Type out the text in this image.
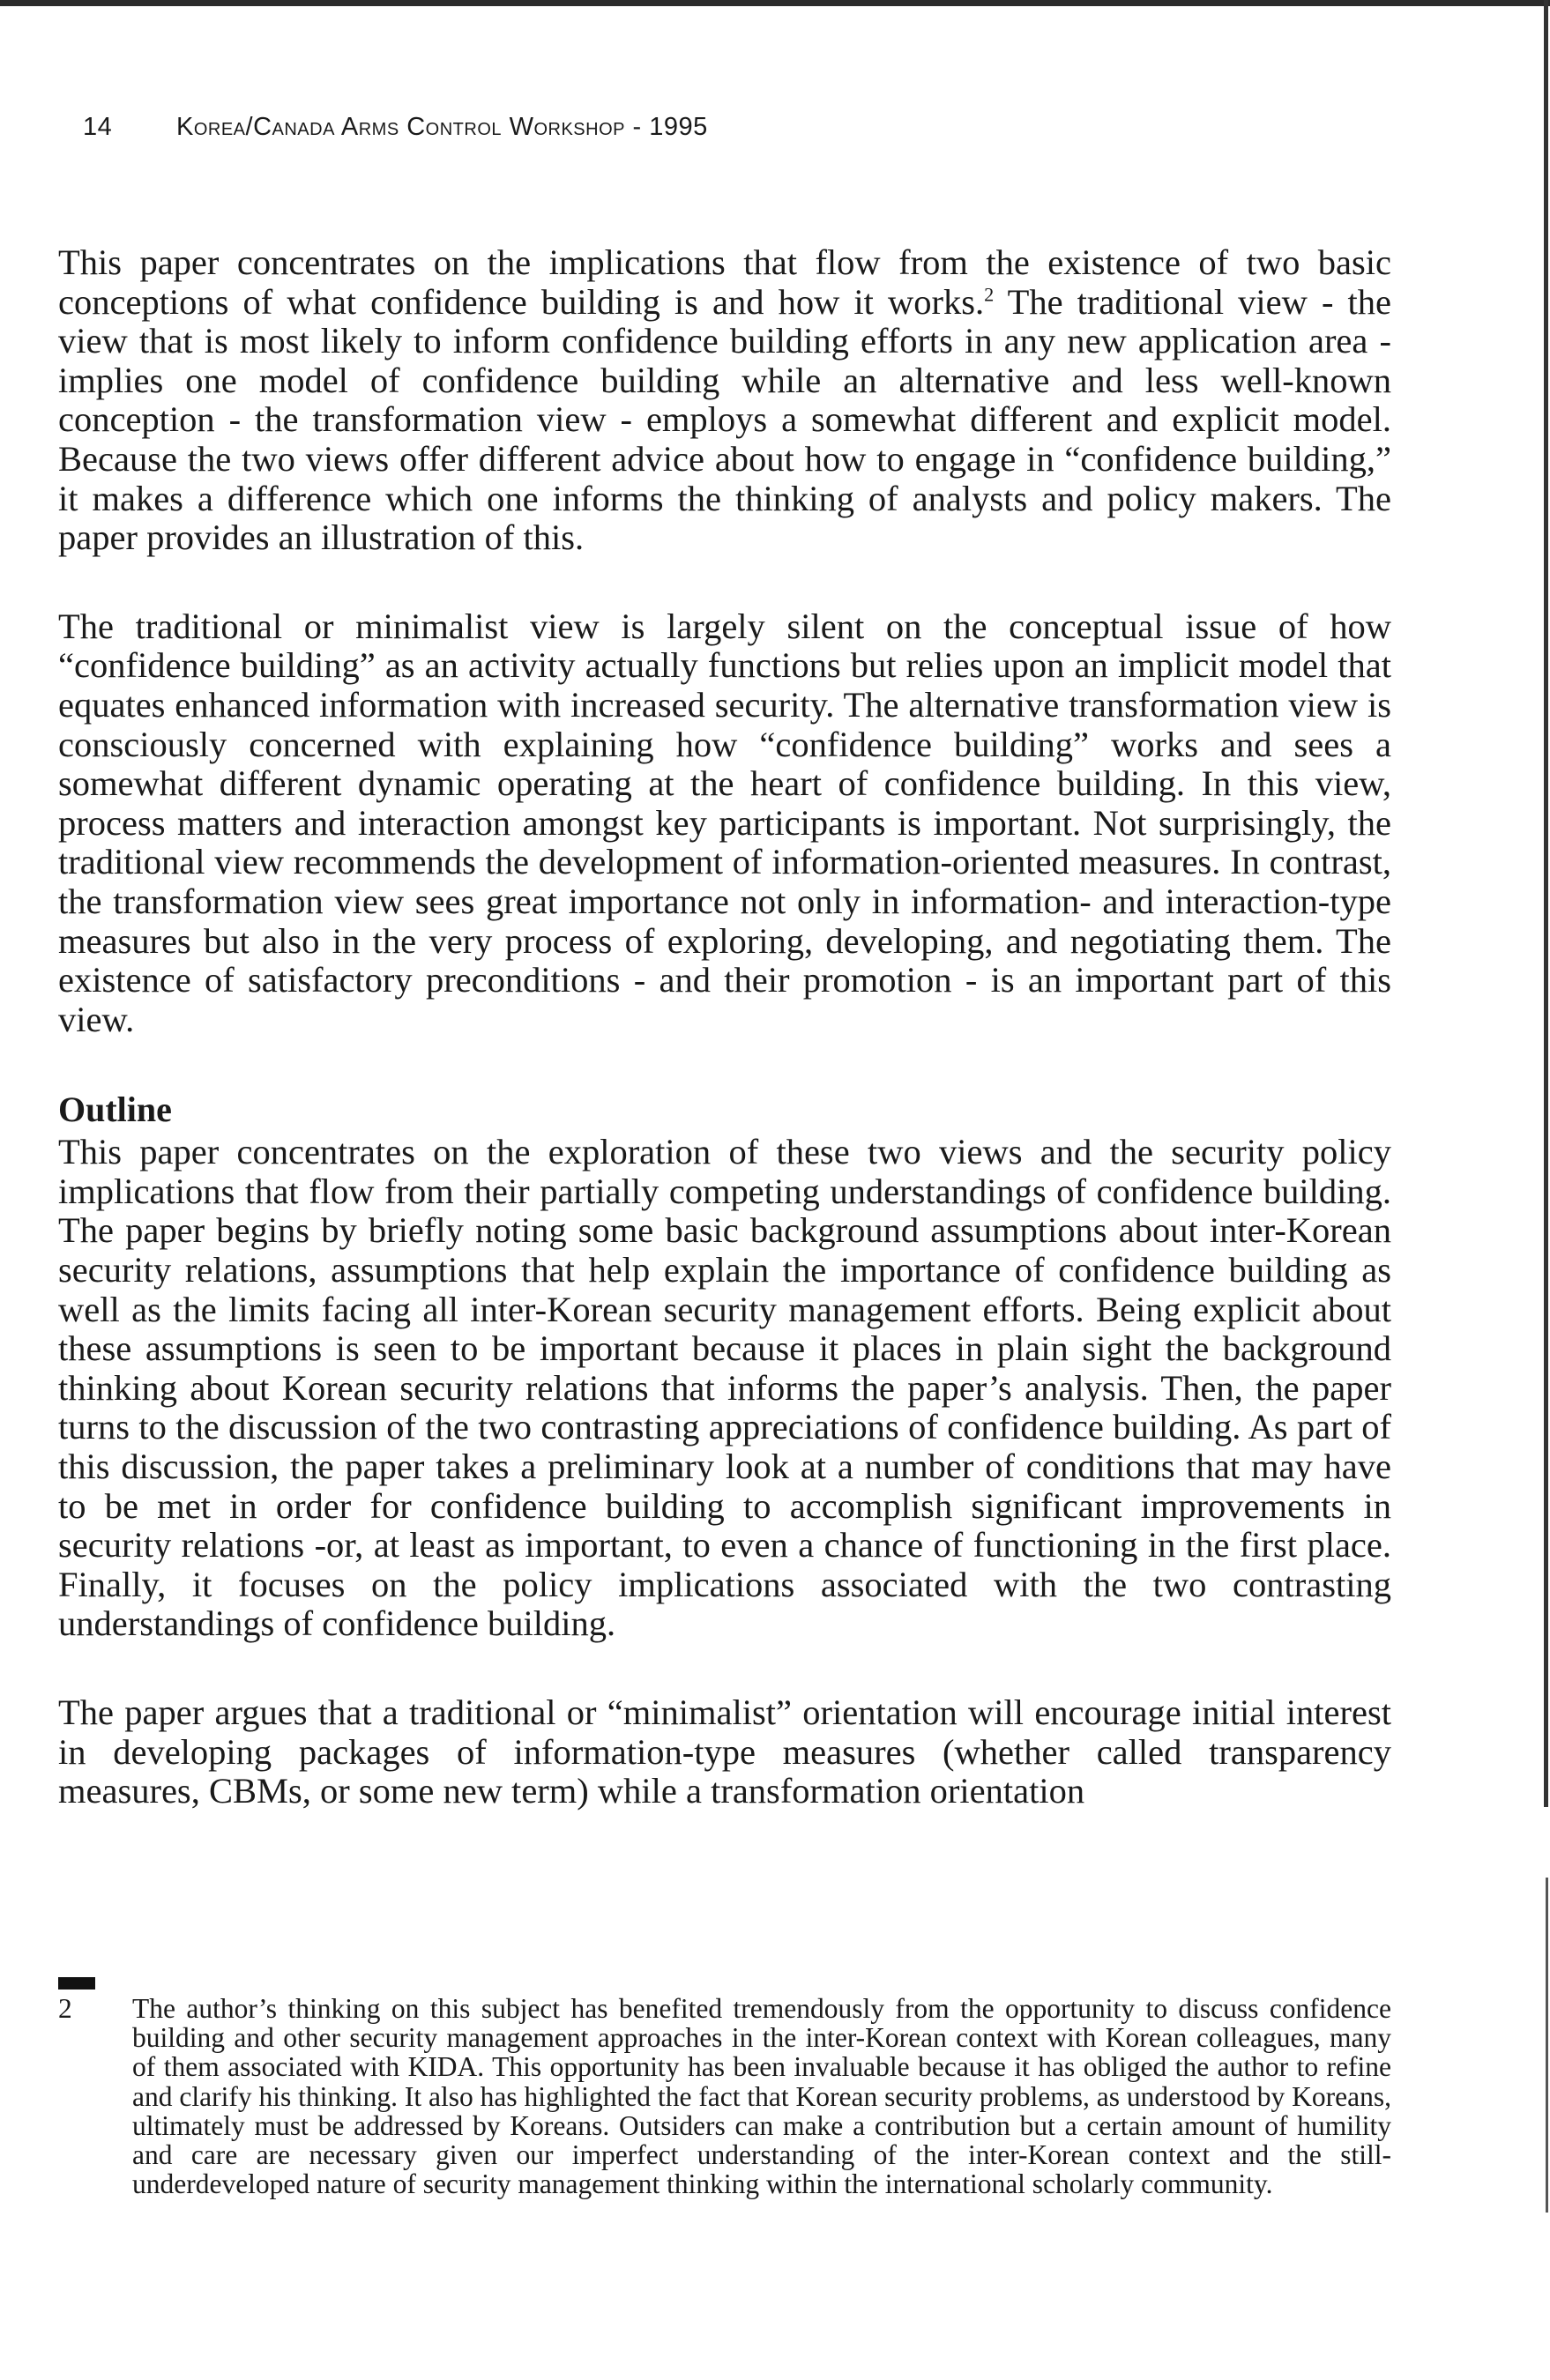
14	Korea/Canada Arms Control Workshop - 1995

This paper concentrates on the implications that flow from the existence of two basic conceptions of what confidence building is and how it works.$^2$ The traditional view - the view that is most likely to inform confidence building efforts in any new application area - implies one model of confidence building while an alternative and less well-known conception - the transformation view - employs a somewhat different and explicit model. Because the two views offer different advice about how to engage in “confidence building,” it makes a difference which one informs the thinking of analysts and policy makers. The paper provides an illustration of this.

The traditional or minimalist view is largely silent on the conceptual issue of how “confidence building” as an activity actually functions but relies upon an implicit model that equates enhanced information with increased security. The alternative transformation view is consciously concerned with explaining how “confidence building” works and sees a somewhat different dynamic operating at the heart of confidence building. In this view, process matters and interaction amongst key participants is important. Not surprisingly, the traditional view recommends the development of information-oriented measures. In contrast, the transformation view sees great importance not only in information- and interaction-type measures but also in the very process of exploring, developing, and negotiating them. The existence of satisfactory preconditions - and their promotion - is an important part of this view.

Outline

This paper concentrates on the exploration of these two views and the security policy implications that flow from their partially competing understandings of confidence building. The paper begins by briefly noting some basic background assumptions about inter-Korean security relations, assumptions that help explain the importance of confidence building as well as the limits facing all inter-Korean security management efforts. Being explicit about these assumptions is seen to be important because it places in plain sight the background thinking about Korean security relations that informs the paper’s analysis. Then, the paper turns to the discussion of the two contrasting appreciations of confidence building. As part of this discussion, the paper takes a preliminary look at a number of conditions that may have to be met in order for confidence building to accomplish significant improvements in security relations -or, at least as important, to even a chance of functioning in the first place. Finally, it focuses on the policy implications associated with the two contrasting understandings of confidence building.

The paper argues that a traditional or “minimalist” orientation will encourage initial interest in developing packages of information-type measures (whether called transparency measures, CBMs, or some new term) while a transformation orientation

2 The author’s thinking on this subject has benefited tremendously from the opportunity to discuss confidence building and other security management approaches in the inter-Korean context with Korean colleagues, many of them associated with KIDA. This opportunity has been invaluable because it has obliged the author to refine and clarify his thinking. It also has highlighted the fact that Korean security problems, as understood by Koreans, ultimately must be addressed by Koreans. Outsiders can make a contribution but a certain amount of humility and care are necessary given our imperfect understanding of the inter-Korean context and the still-underdeveloped nature of security management thinking within the international scholarly community.
